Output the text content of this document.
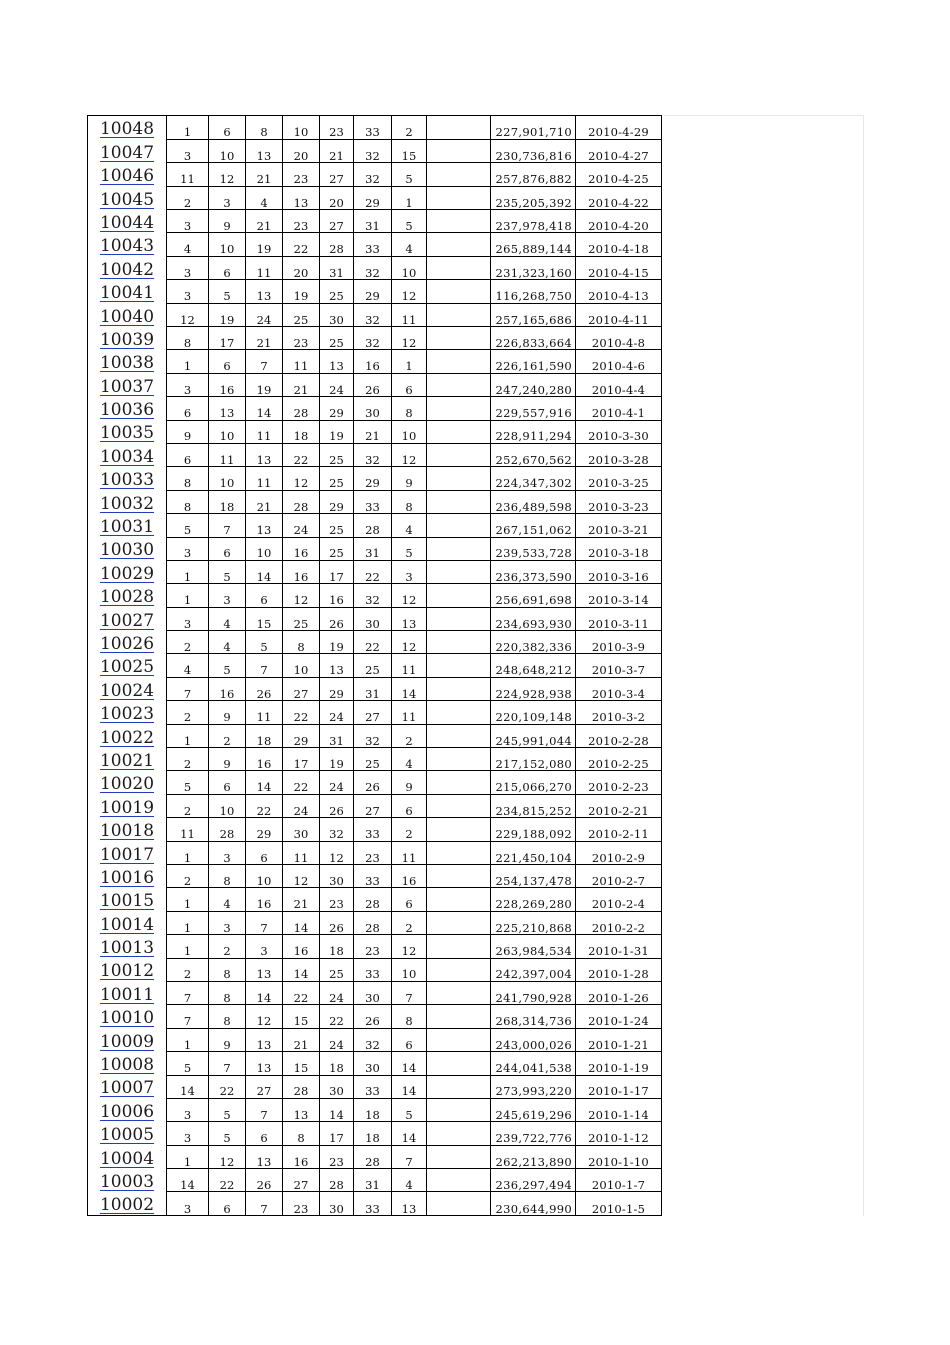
10048	1	6	8	10	23	33	2		227,901,710	2010-4-29
10047	3	10	13	20	21	32	15		230,736,816	2010-4-27
10046	11	12	21	23	27	32	5		257,876,882	2010-4-25
10045	2	3	4	13	20	29	1		235,205,392	2010-4-22
10044	3	9	21	23	27	31	5		237,978,418	2010-4-20
10043	4	10	19	22	28	33	4		265,889,144	2010-4-18
10042	3	6	11	20	31	32	10		231,323,160	2010-4-15
10041	3	5	13	19	25	29	12		116,268,750	2010-4-13
10040	12	19	24	25	30	32	11		257,165,686	2010-4-11
10039	8	17	21	23	25	32	12		226,833,664	2010-4-8
10038	1	6	7	11	13	16	1		226,161,590	2010-4-6
10037	3	16	19	21	24	26	6		247,240,280	2010-4-4
10036	6	13	14	28	29	30	8		229,557,916	2010-4-1
10035	9	10	11	18	19	21	10		228,911,294	2010-3-30
10034	6	11	13	22	25	32	12		252,670,562	2010-3-28
10033	8	10	11	12	25	29	9		224,347,302	2010-3-25
10032	8	18	21	28	29	33	8		236,489,598	2010-3-23
10031	5	7	13	24	25	28	4		267,151,062	2010-3-21
10030	3	6	10	16	25	31	5		239,533,728	2010-3-18
10029	1	5	14	16	17	22	3		236,373,590	2010-3-16
10028	1	3	6	12	16	32	12		256,691,698	2010-3-14
10027	3	4	15	25	26	30	13		234,693,930	2010-3-11
10026	2	4	5	8	19	22	12		220,382,336	2010-3-9
10025	4	5	7	10	13	25	11		248,648,212	2010-3-7
10024	7	16	26	27	29	31	14		224,928,938	2010-3-4
10023	2	9	11	22	24	27	11		220,109,148	2010-3-2
10022	1	2	18	29	31	32	2		245,991,044	2010-2-28
10021	2	9	16	17	19	25	4		217,152,080	2010-2-25
10020	5	6	14	22	24	26	9		215,066,270	2010-2-23
10019	2	10	22	24	26	27	6		234,815,252	2010-2-21
10018	11	28	29	30	32	33	2		229,188,092	2010-2-11
10017	1	3	6	11	12	23	11		221,450,104	2010-2-9
10016	2	8	10	12	30	33	16		254,137,478	2010-2-7
10015	1	4	16	21	23	28	6		228,269,280	2010-2-4
10014	1	3	7	14	26	28	2		225,210,868	2010-2-2
10013	1	2	3	16	18	23	12		263,984,534	2010-1-31
10012	2	8	13	14	25	33	10		242,397,004	2010-1-28
10011	7	8	14	22	24	30	7		241,790,928	2010-1-26
10010	7	8	12	15	22	26	8		268,314,736	2010-1-24
10009	1	9	13	21	24	32	6		243,000,026	2010-1-21
10008	5	7	13	15	18	30	14		244,041,538	2010-1-19
10007	14	22	27	28	30	33	14		273,993,220	2010-1-17
10006	3	5	7	13	14	18	5		245,619,296	2010-1-14
10005	3	5	6	8	17	18	14		239,722,776	2010-1-12
10004	1	12	13	16	23	28	7		262,213,890	2010-1-10
10003	14	22	26	27	28	31	4		236,297,494	2010-1-7
10002	3	6	7	23	30	33	13		230,644,990	2010-1-5
